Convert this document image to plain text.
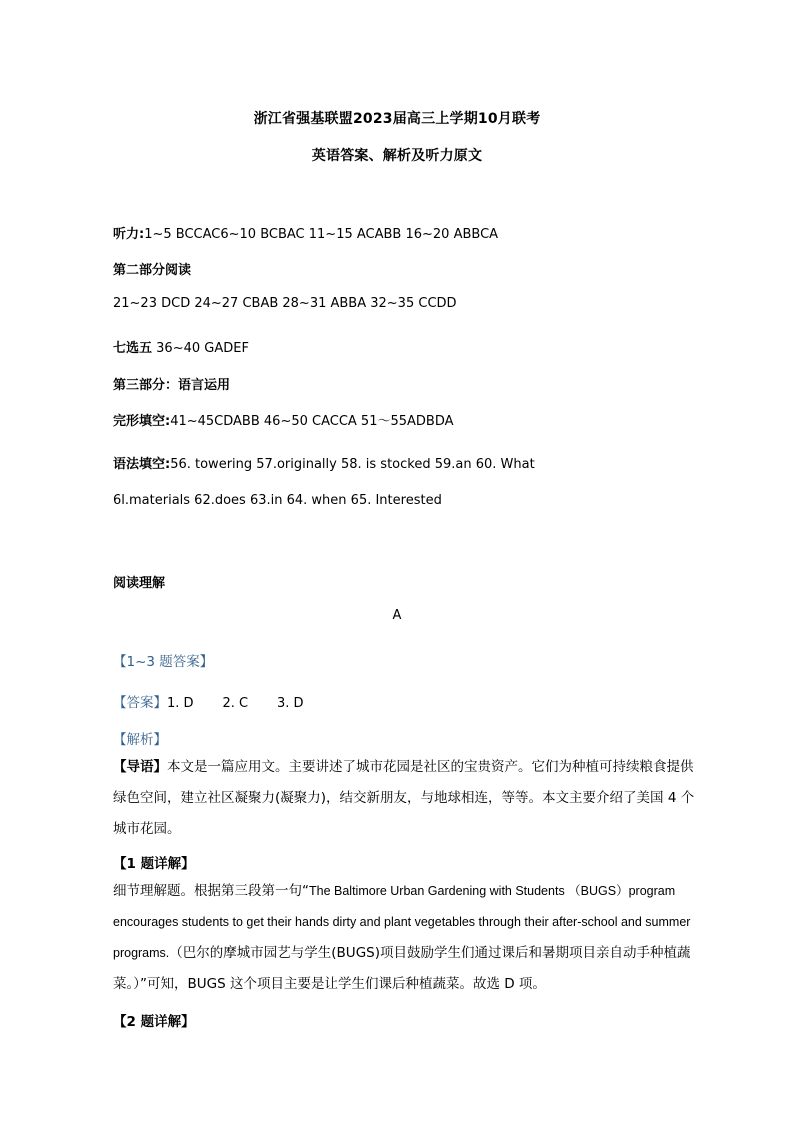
浙江省强基联盟2023届高三上学期10月联考
英语答案、解析及听力原文
听力:1~5 BCCAC6~10 BCBAC 11~15 ACABB 16~20 ABBCA
第二部分阅读
21~23 DCD 24~27 CBAB 28~31 ABBA 32~35 CCDD
七选五 36~40 GADEF
第三部分：语言运用
完形填空:41~45CDABB 46~50 CACCA 51～55ADBDA
语法填空:56. towering 57.originally 58. is stocked 59.an 60. What
6l.materials 62.does 63.in 64. when 65. Interested
阅读理解
A
【1~3 题答案】
【答案】1. D       2. C       3. D
【解析】
【导语】本文是一篇应用文。主要讲述了城市花园是社区的宝贵资产。它们为种植可持续粮食提供绿色空间，建立社区凝聚力(凝聚力)，结交新朋友，与地球相连，等等。本文主要介绍了美国 4 个城市花园。
【1 题详解】
细节理解题。根据第三段第一句“The Baltimore Urban Gardening with Students （BUGS）program encourages students to get their hands dirty and plant vegetables through their after-school and summer programs.（巴尔的摩城市园艺与学生(BUGS)项目鼓励学生们通过课后和暑期项目亲自动手种植蔬菜。）”可知，BUGS 这个项目主要是让学生们课后种植蔬菜。故选 D 项。
【2 题详解】
